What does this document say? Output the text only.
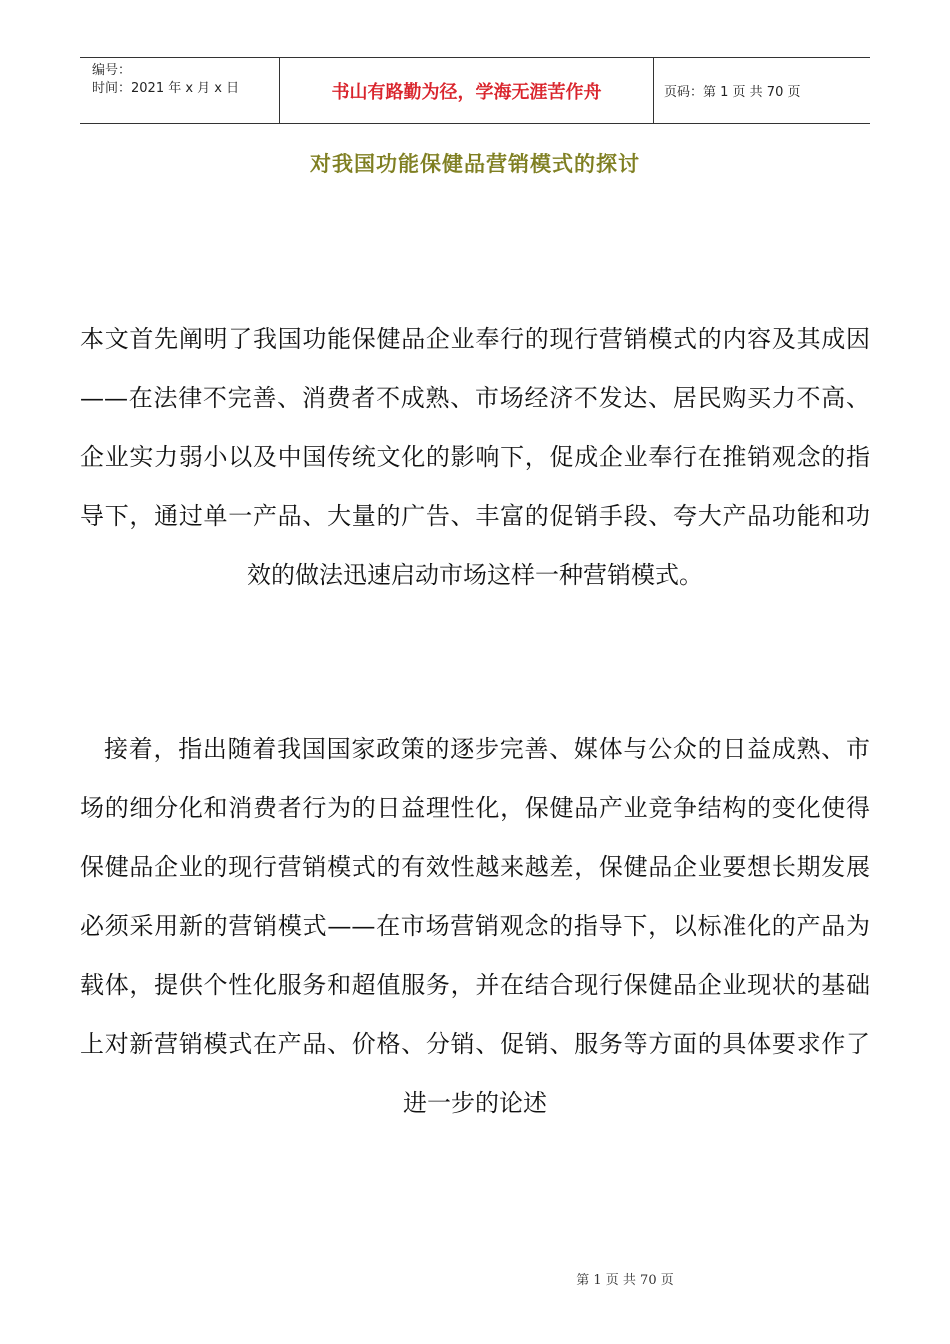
编号：
时间：2021 年 x 月 x 日	书山有路勤为径，学海无涯苦作舟	页码：第 1 页 共 70 页
对我国功能保健品营销模式的探讨
本文首先阐明了我国功能保健品企业奉行的现行营销模式的内容及其成因——在法律不完善、消费者不成熟、市场经济不发达、居民购买力不高、企业实力弱小以及中国传统文化的影响下，促成企业奉行在推销观念的指导下，通过单一产品、大量的广告、丰富的促销手段、夸大产品功能和功效的做法迅速启动市场这样一种营销模式。
接着，指出随着我国国家政策的逐步完善、媒体与公众的日益成熟、市场的细分化和消费者行为的日益理性化，保健品产业竞争结构的变化使得保健品企业的现行营销模式的有效性越来越差，保健品企业要想长期发展必须采用新的营销模式——在市场营销观念的指导下，以标准化的产品为载体，提供个性化服务和超值服务，并在结合现行保健品企业现状的基础上对新营销模式在产品、价格、分销、促销、服务等方面的具体要求作了进一步的论述
第 1 页 共 70 页
